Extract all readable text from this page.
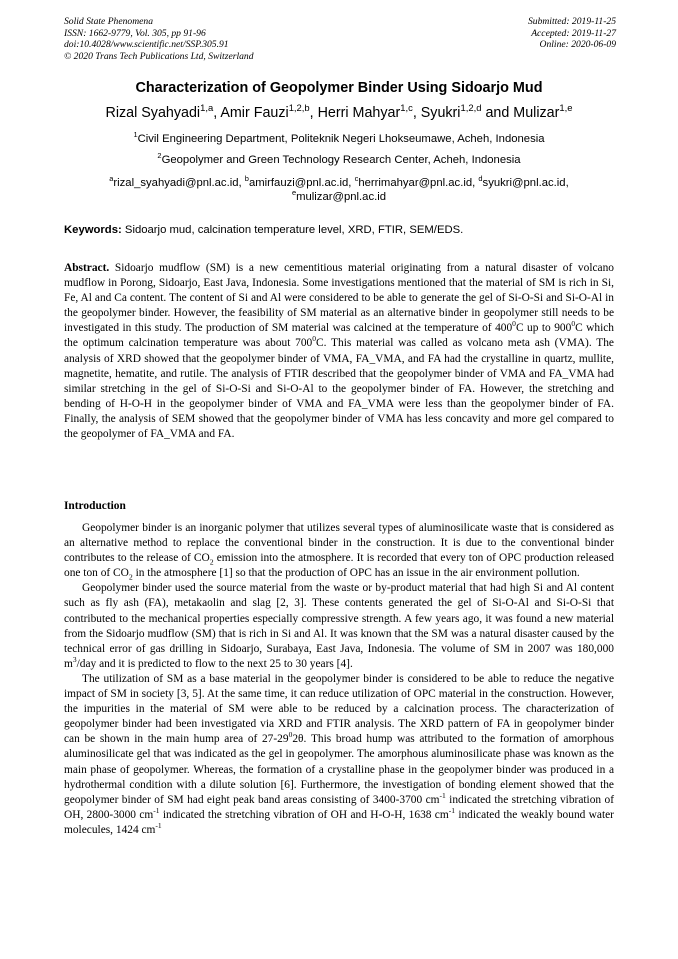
Solid State Phenomena
ISSN: 1662-9779, Vol. 305, pp 91-96
doi:10.4028/www.scientific.net/SSP.305.91
© 2020 Trans Tech Publications Ltd, Switzerland
Submitted: 2019-11-25
Accepted: 2019-11-27
Online: 2020-06-09
Characterization of Geopolymer Binder Using Sidoarjo Mud
Rizal Syahyadi$^{1,a}$, Amir Fauzi$^{1,2,b}$, Herri Mahyar$^{1,c}$, Syukri$^{1,2,d}$ and Mulizar$^{1,e}$
$^1$Civil Engineering Department, Politeknik Negeri Lhokseumawe, Acheh, Indonesia
$^2$Geopolymer and Green Technology Research Center, Acheh, Indonesia
$^a$rizal_syahyadi@pnl.ac.id, $^b$amirfauzi@pnl.ac.id, $^c$herrimahyar@pnl.ac.id, $^d$syukri@pnl.ac.id,
$^e$mulizar@pnl.ac.id
Keywords: Sidoarjo mud, calcination temperature level, XRD, FTIR, SEM/EDS.
Abstract. Sidoarjo mudflow (SM) is a new cementitious material originating from a natural disaster of volcano mudflow in Porong, Sidoarjo, East Java, Indonesia. Some investigations mentioned that the material of SM is rich in Si, Fe, Al and Ca content. The content of Si and Al were considered to be able to generate the gel of Si-O-Si and Si-O-Al in the geopolymer binder. However, the feasibility of SM material as an alternative binder in geopolymer still needs to be investigated in this study. The production of SM material was calcined at the temperature of $400^0C$ up to $900^0C$ which the optimum calcination temperature was about $700^0C$. This material was called as volcano meta ash (VMA). The analysis of XRD showed that the geopolymer binder of VMA, FA_VMA, and FA had the crystalline in quartz, mullite, magnetite, hematite, and rutile. The analysis of FTIR described that the geopolymer binder of VMA and FA_VMA had similar stretching in the gel of Si-O-Si and Si-O-Al to the geopolymer binder of FA. However, the stretching and bending of H-O-H in the geopolymer binder of VMA and FA_VMA were less than the geopolymer binder of FA. Finally, the analysis of SEM showed that the geopolymer binder of VMA has less concavity and more gel compared to the geopolymer of FA_VMA and FA.
Introduction

Geopolymer binder is an inorganic polymer that utilizes several types of aluminosilicate waste that is considered as an alternative method to replace the conventional binder in the construction. It is due to the conventional binder contributes to the release of $CO_2$ emission into the atmosphere. It is recorded that every ton of OPC production released one ton of $CO_2$ in the atmosphere [1] so that the production of OPC has an issue in the air environment pollution.

Geopolymer binder used the source material from the waste or by-product material that had high Si and Al content such as fly ash (FA), metakaolin and slag [2, 3]. These contents generated the gel of Si-O-Al and Si-O-Si that contributed to the mechanical properties especially compressive strength. A few years ago, it was found a new material from the Sidoarjo mudflow (SM) that is rich in Si and Al. It was known that the SM was a natural disaster caused by the technical error of gas drilling in Sidoarjo, Surabaya, East Java, Indonesia. The volume of SM in 2007 was 180,000 $m^3$/day and it is predicted to flow to the next 25 to 30 years [4].

The utilization of SM as a base material in the geopolymer binder is considered to be able to reduce the negative impact of SM in society [3, 5]. At the same time, it can reduce utilization of OPC material in the construction. However, the impurities in the material of SM were able to be reduced by a calcination process. The characterization of geopolymer binder had been investigated via XRD and FTIR analysis. The XRD pattern of FA in geopolymer binder can be shown in the main hump area of $27-29^02\theta$. This broad hump was attributed to the formation of amorphous aluminosilicate gel that was indicated as the gel in geopolymer. The amorphous aluminosilicate phase was known as the main phase of geopolymer. Whereas, the formation of a crystalline phase in the geopolymer binder was produced in a hydrothermal condition with a dilute solution [6]. Furthermore, the investigation of bonding element showed that the geopolymer binder of SM had eight peak band areas consisting of 3400-3700 $cm^{-1}$ indicated the stretching vibration of OH, 2800-3000 $cm^{-1}$ indicated the stretching vibration of OH and H-O-H, 1638 $cm^{-1}$ indicated the weakly bound water molecules, 1424 $cm^{-1}$
